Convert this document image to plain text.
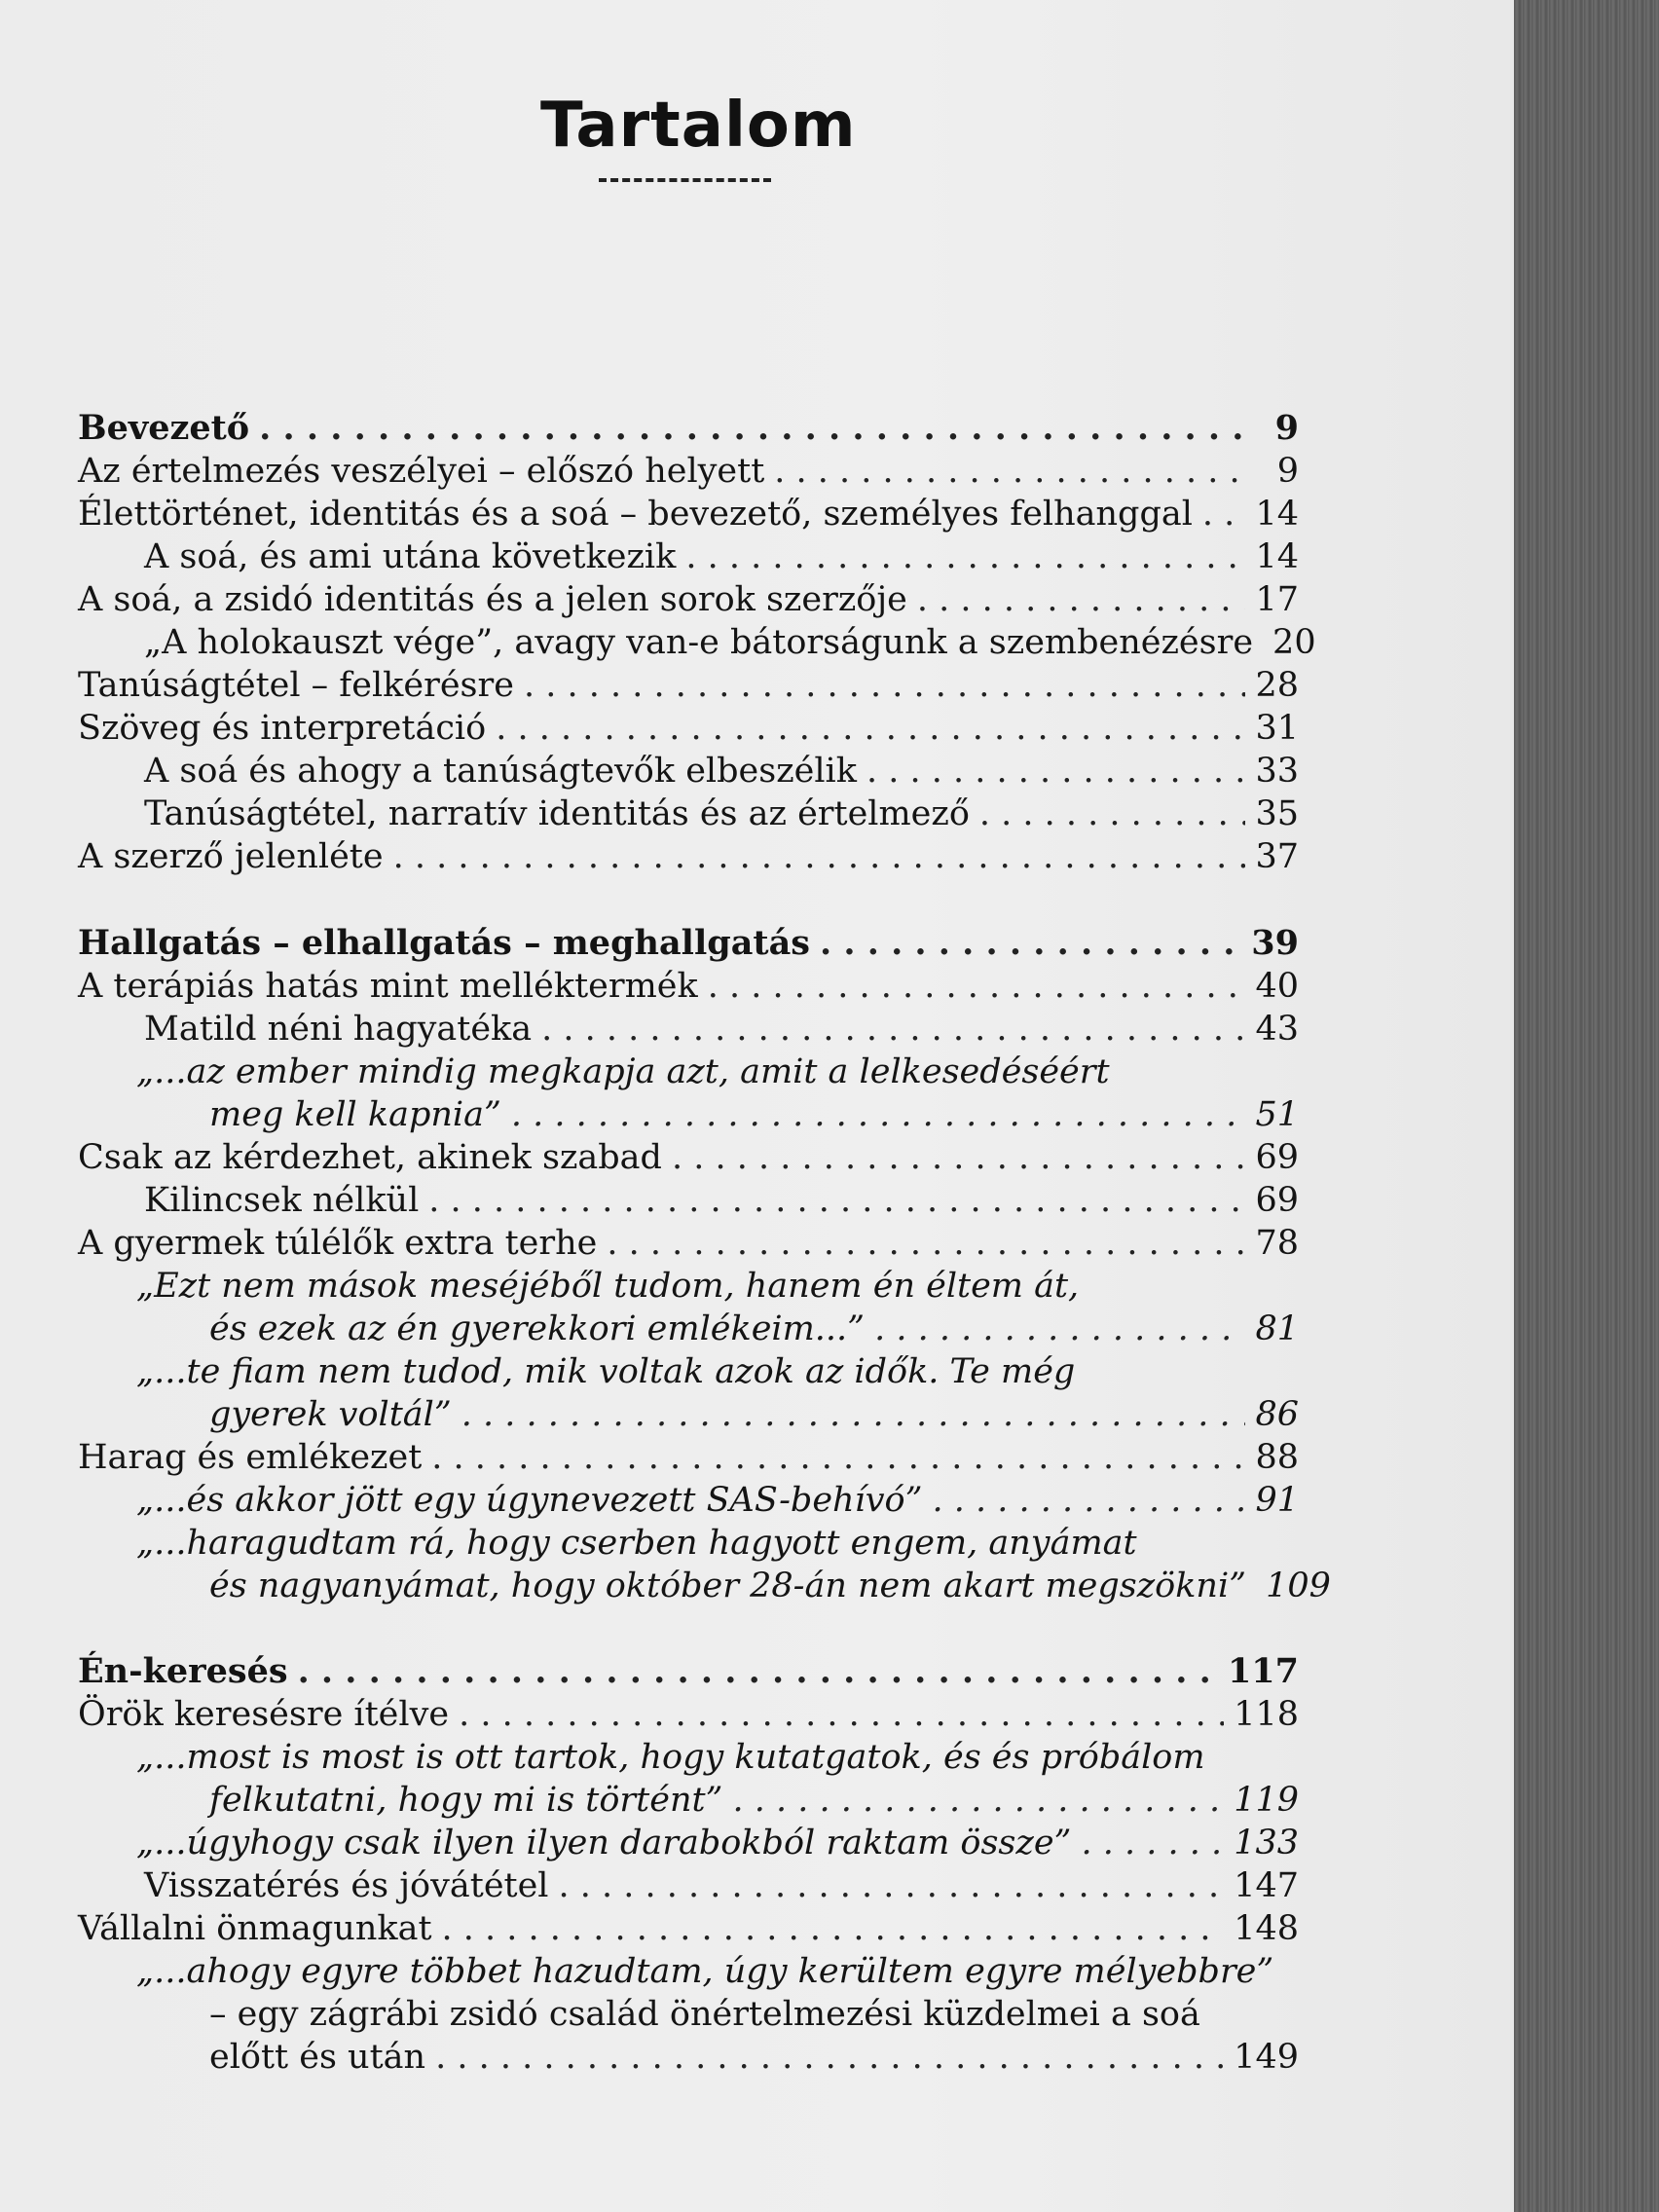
Tartalom
Bevezető . . .	9
Az értelmezés veszélyei – előszó helyett . . .	9
Élettörténet, identitás és a soá – bevezető, személyes felhanggal . . . 14
A soá, és ami utána következik . . .	14
A soá, a zsidó identitás és a jelen sorok szerzője . . .	17
„A holokauszt vége”, avagy van-e bátorságunk a szembenézésre 20
Tanúságtétel – felkérésre . . .	28
Szöveg és interpretáció . . .	31
A soá és ahogy a tanúságtevők elbeszélik . . .	33
Tanúságtétel, narratív identitás és az értelmező . . .	35
A szerző jelenléte . . .	37
Hallgatás – elhallgatás – meghallgatás . . .	39
A terápiás hatás mint melléktermék . . .	40
Matild néni hagyatéka . . .	43
„...az ember mindig megkapja azt, amit a lelkesedéséért
meg kell kapnia” . . .	51
Csak az kérdezhet, akinek szabad . . .	69
Kilincsek nélkül . . .	69
A gyermek túlélők extra terhe . . .	78
„Ezt nem mások meséjéből tudom, hanem én éltem át,
és ezek az én gyerekkori emlékeim...” . . .	81
„...te fiam nem tudod, mik voltak azok az idők. Te még
gyerek voltál” . . .	86
Harag és emlékezet . . .	88
„...és akkor jött egy úgynevezett SAS-behívó” . . .	91
„...haragudtam rá, hogy cserben hagyott engem, anyámat
és nagyanyámat, hogy október 28-án nem akart megszökni” 109
Én-keresés . . .	117
Örök keresésre ítélve . . .	118
„...most is most is ott tartok, hogy kutatgatok, és és próbálom
felkutatni, hogy mi is történt” . . .	119
„...úgyhogy csak ilyen ilyen darabokból raktam össze” . . .	133
Visszatérés és jóvátétel . . .	147
Vállalni önmagunkat . . .	148
„...ahogy egyre többet hazudtam, úgy kerültem egyre mélyebbre”
– egy zágrábi zsidó család önértelmezési küzdelmei a soá
előtt és után . . .	149
